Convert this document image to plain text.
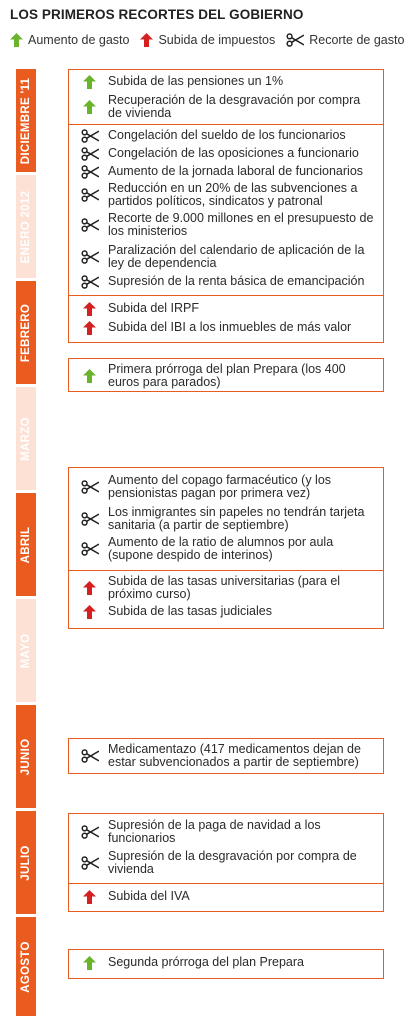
LOS PRIMEROS RECORTES DEL GOBIERNO
Aumento de gasto Subida de impuestos	Recorte de gasto
DICIEMBRE '11
ENERO 2012
FEBRERO
MARZO
ABRIL
MAYO
JUNIO
JULIO
AGOSTO
Subida de las pensiones un 1%
Recuperación de la desgravación por compra de vivienda
Congelación del sueldo de los funcionarios
Congelación de las oposiciones a funcionario
Aumento de la jornada laboral de funcionarios
Reducción en un 20% de las subvenciones a partidos políticos, sindicatos y patronal
Recorte de 9.000 millones en el presupuesto de los ministerios
Paralización del calendario de aplicación de la ley de dependencia
Supresión de la renta básica de emancipación
Subida del IRPF
Subida del IBI a los inmuebles de más valor
Primera prórroga del plan Prepara (los 400 euros para parados)
Aumento del copago farmacéutico (y los pensionistas pagan por primera vez)
Los inmigrantes sin papeles no tendrán tarjeta sanitaria (a partir de septiembre)
Aumento de la ratio de alumnos por aula (supone despido de interinos)
Subida de las tasas universitarias (para el próximo curso)
Subida de las tasas judiciales
Medicamentazo (417 medicamentos dejan de estar subvencionados a partir de septiembre)
Supresión de la paga de navidad a los funcionarios
Supresión de la desgravación por compra de vivienda
Subida del IVA
Segunda prórroga del plan Prepara
